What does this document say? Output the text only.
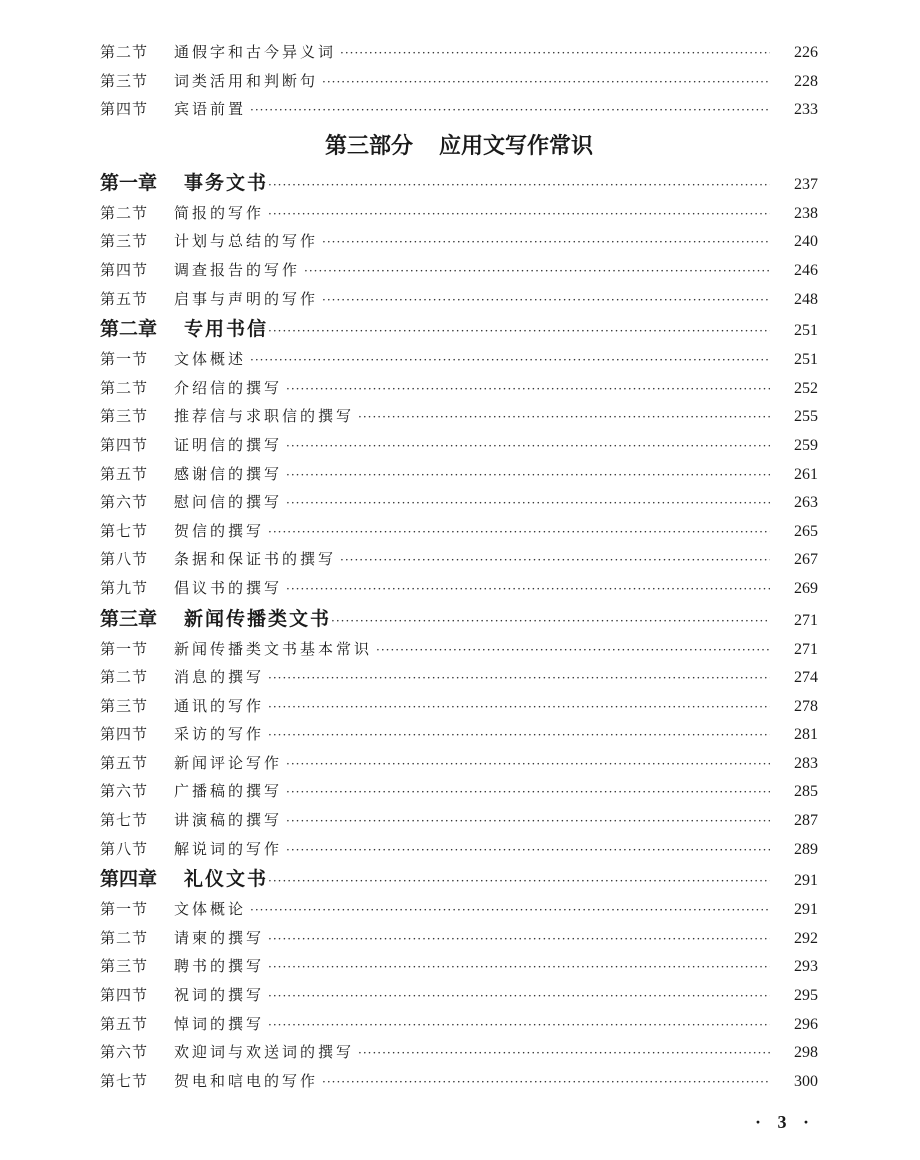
第二节	通假字和古今异义词 ·····	226
第三节	词类活用和判断句 ·····	228
第四节	宾语前置 ·····	233
第三部分 应用文写作常识
第一章	事务文书 ·····	237
第二节	简报的写作 ·····	238
第三节	计划与总结的写作 ·····	240
第四节	调查报告的写作 ·····	246
第五节	启事与声明的写作 ·····	248
第二章	专用书信 ·····	251
第一节	文体概述 ·····	251
第二节	介绍信的撰写 ·····	252
第三节	推荐信与求职信的撰写 ·····	255
第四节	证明信的撰写 ·····	259
第五节	感谢信的撰写 ·····	261
第六节	慰问信的撰写 ·····	263
第七节	贺信的撰写 ·····	265
第八节	条据和保证书的撰写 ·····	267
第九节	倡议书的撰写 ·····	269
第三章	新闻传播类文书 ·····	271
第一节	新闻传播类文书基本常识 ·····	271
第二节	消息的撰写 ·····	274
第三节	通讯的写作 ·····	278
第四节	采访的写作 ·····	281
第五节	新闻评论写作 ·····	283
第六节	广播稿的撰写 ·····	285
第七节	讲演稿的撰写 ·····	287
第八节	解说词的写作 ·····	289
第四章	礼仪文书 ·····	291
第一节	文体概论 ·····	291
第二节	请柬的撰写 ·····	292
第三节	聘书的撰写 ·····	293
第四节	祝词的撰写 ·····	295
第五节	悼词的撰写 ·····	296
第六节	欢迎词与欢送词的撰写 ·····	298
第七节	贺电和唁电的写作 ·····	300
· 3 ·
